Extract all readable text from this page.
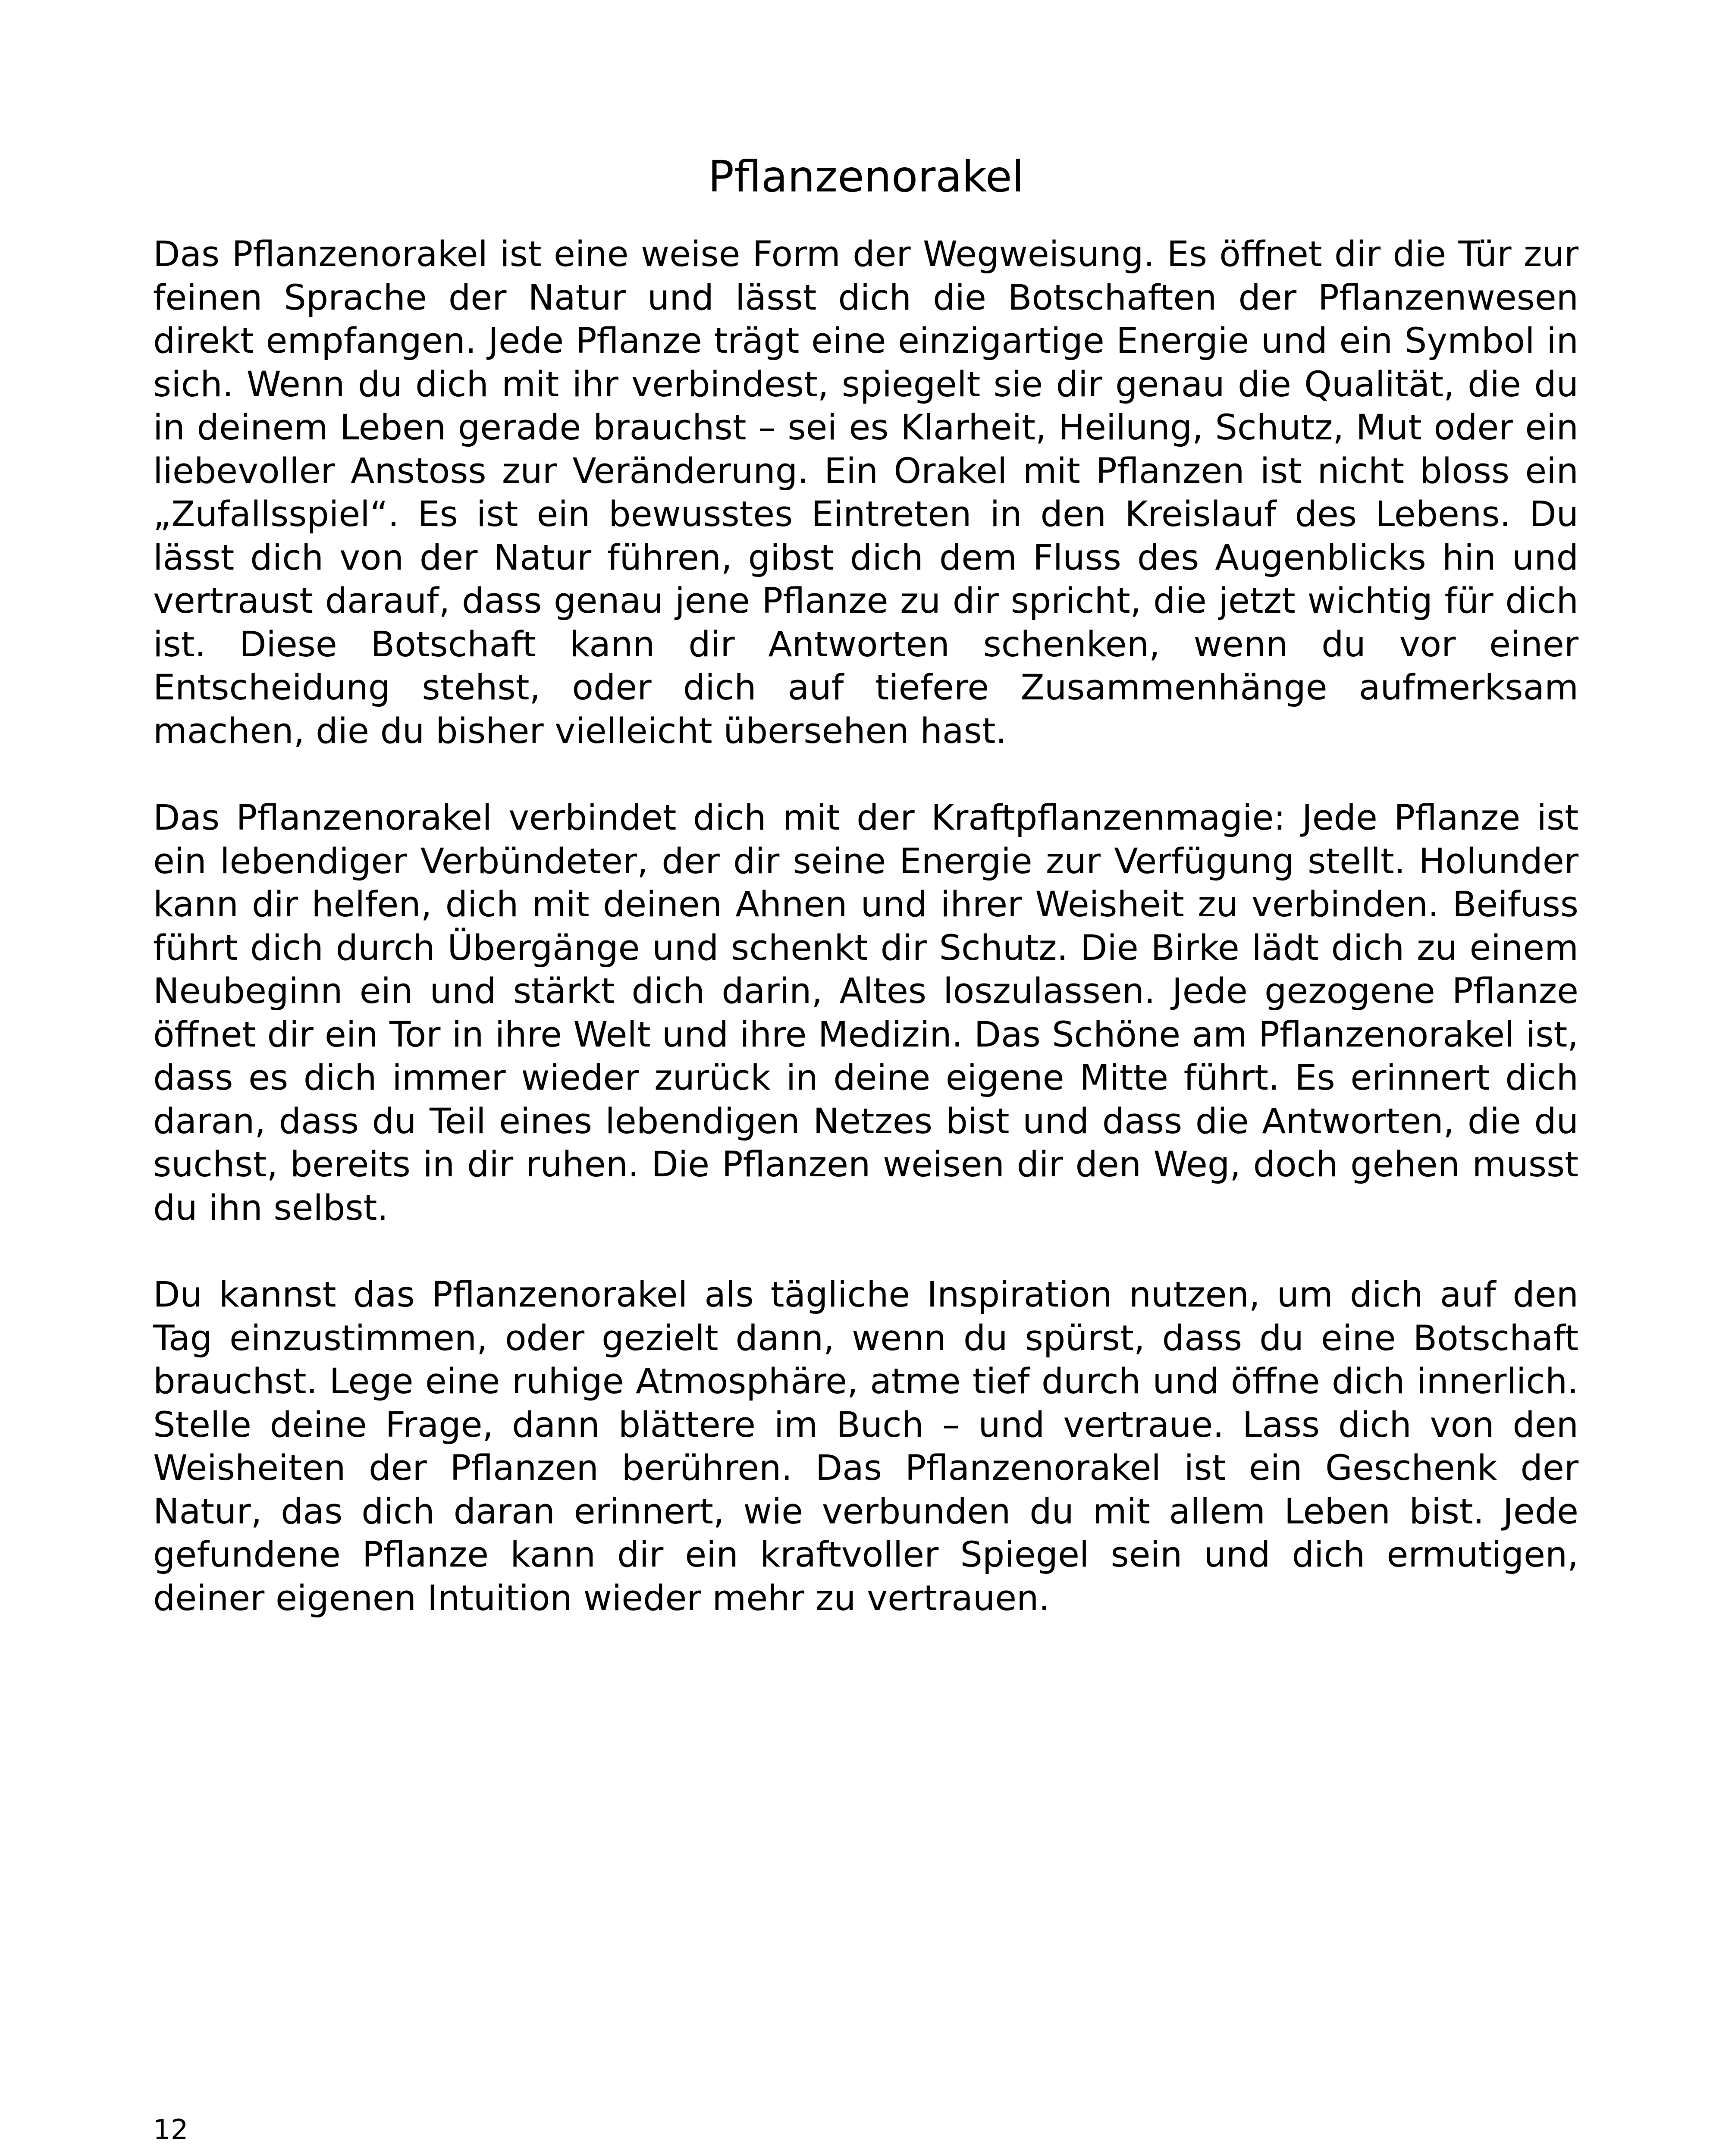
Pflanzenorakel

Das Pflanzenorakel ist eine weise Form der Wegweisung. Es öffnet dir die Tür zur feinen Sprache der Natur und lässt dich die Botschaften der Pflanzenwesen direkt empfangen. Jede Pflanze trägt eine einzigartige Energie und ein Symbol in sich. Wenn du dich mit ihr verbindest, spiegelt sie dir genau die Qualität, die du in deinem Leben gerade brauchst – sei es Klarheit, Heilung, Schutz, Mut oder ein liebevoller Anstoss zur Veränderung. Ein Orakel mit Pflanzen ist nicht bloss ein „Zufallsspiel“. Es ist ein bewusstes Eintreten in den Kreislauf des Lebens. Du lässt dich von der Natur führen, gibst dich dem Fluss des Augenblicks hin und vertraust darauf, dass genau jene Pflanze zu dir spricht, die jetzt wichtig für dich ist. Diese Botschaft kann dir Antworten schenken, wenn du vor einer Entscheidung stehst, oder dich auf tiefere Zusammenhänge aufmerksam machen, die du bisher vielleicht übersehen hast.

Das Pflanzenorakel verbindet dich mit der Kraftpflanzenmagie: Jede Pflanze ist ein lebendiger Verbündeter, der dir seine Energie zur Verfügung stellt. Holunder kann dir helfen, dich mit deinen Ahnen und ihrer Weisheit zu verbinden. Beifuss führt dich durch Übergänge und schenkt dir Schutz. Die Birke lädt dich zu einem Neubeginn ein und stärkt dich darin, Altes loszulassen. Jede gezogene Pflanze öffnet dir ein Tor in ihre Welt und ihre Medizin. Das Schöne am Pflanzenorakel ist, dass es dich immer wieder zurück in deine eigene Mitte führt. Es erinnert dich daran, dass du Teil eines lebendigen Netzes bist und dass die Antworten, die du suchst, bereits in dir ruhen. Die Pflanzen weisen dir den Weg, doch gehen musst du ihn selbst.

Du kannst das Pflanzenorakel als tägliche Inspiration nutzen, um dich auf den Tag einzustimmen, oder gezielt dann, wenn du spürst, dass du eine Botschaft brauchst. Lege eine ruhige Atmosphäre, atme tief durch und öffne dich innerlich. Stelle deine Frage, dann blättere im Buch – und vertraue. Lass dich von den Weisheiten der Pflanzen berühren. Das Pflanzenorakel ist ein Geschenk der Natur, das dich daran erinnert, wie verbunden du mit allem Leben bist. Jede gefundene Pflanze kann dir ein kraftvoller Spiegel sein und dich ermutigen, deiner eigenen Intuition wieder mehr zu vertrauen.

12
